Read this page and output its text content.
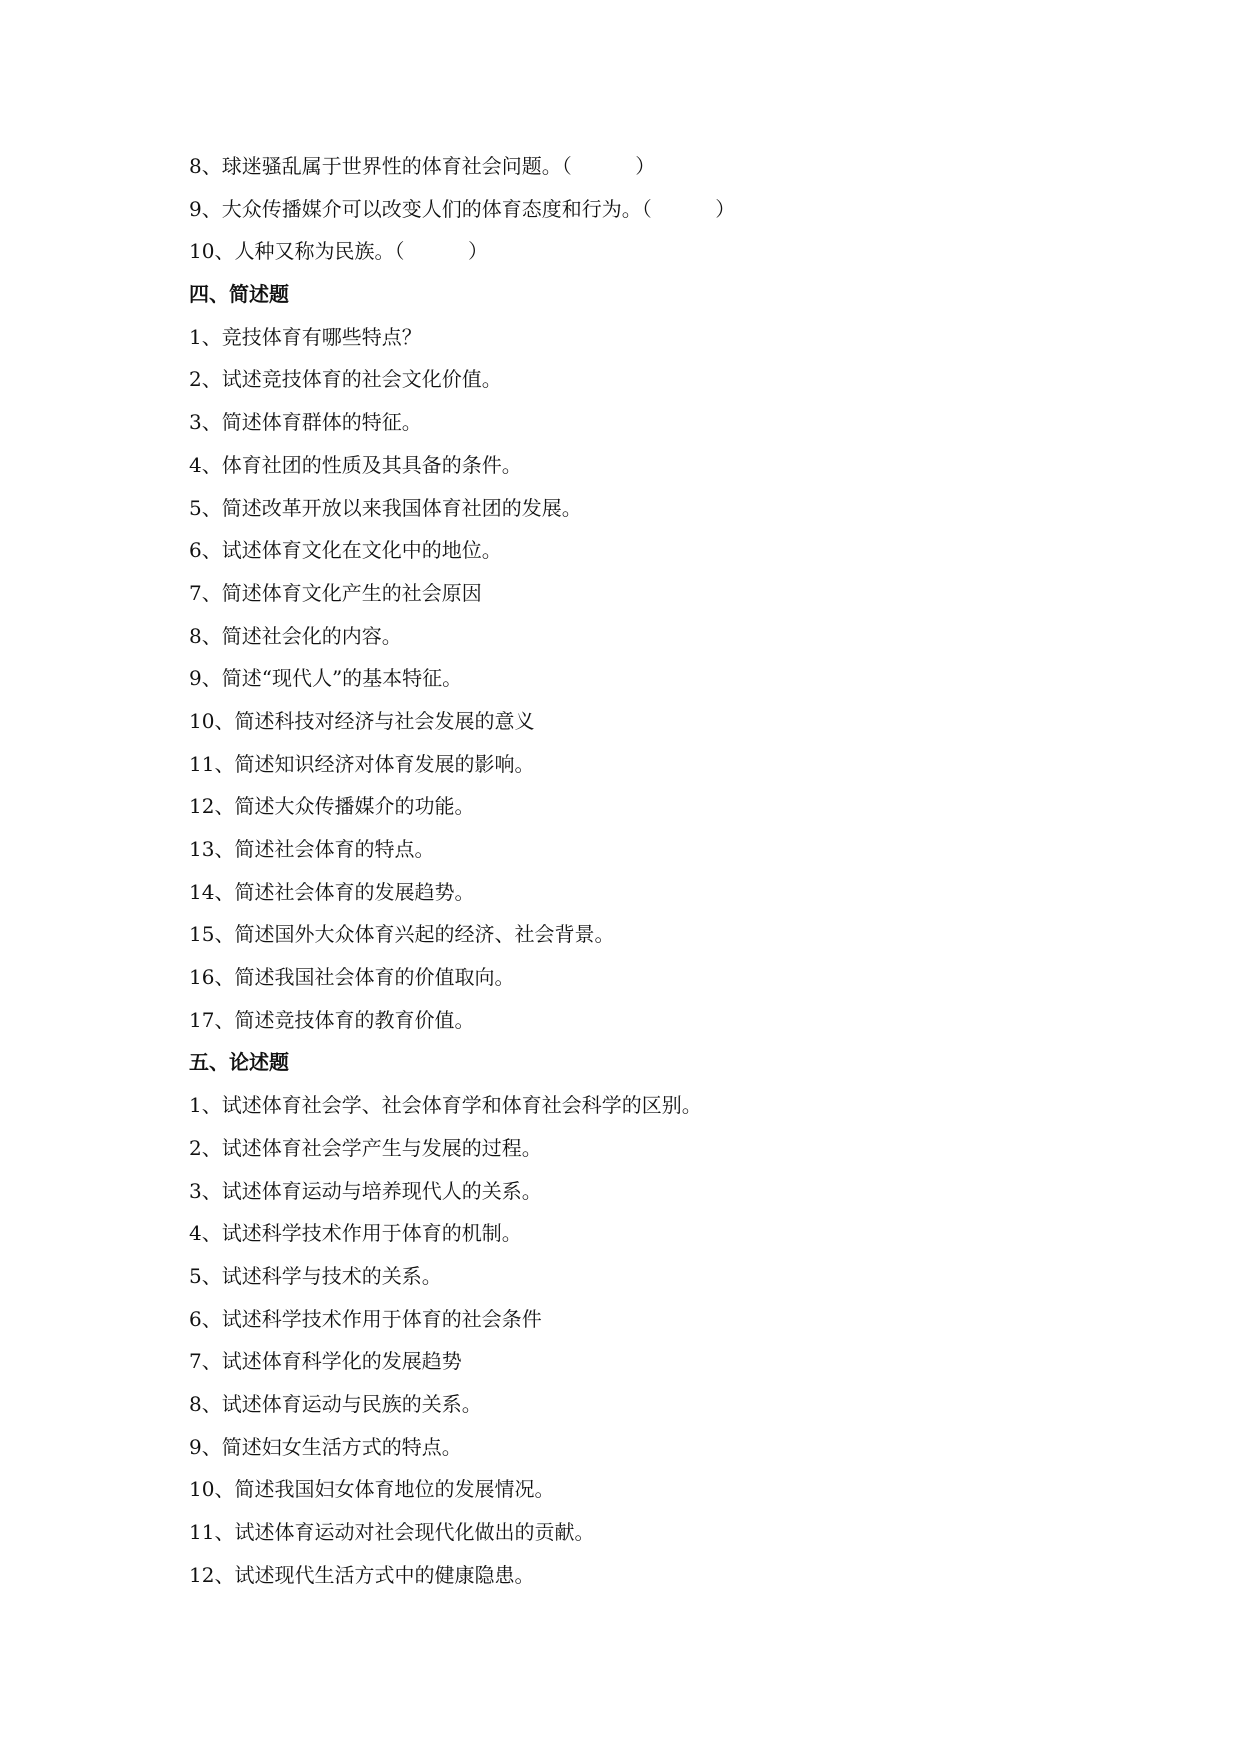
8、球迷骚乱属于世界性的体育社会问题。（          ）

9、大众传播媒介可以改变人们的体育态度和行为。（          ）

10、人种又称为民族。（          ）

四、简述题

1、竞技体育有哪些特点？

2、试述竞技体育的社会文化价值。

3、简述体育群体的特征。

4、体育社团的性质及其具备的条件。

5、简述改革开放以来我国体育社团的发展。

6、试述体育文化在文化中的地位。

7、简述体育文化产生的社会原因

8、简述社会化的内容。

9、简述“现代人”的基本特征。

10、简述科技对经济与社会发展的意义

11、简述知识经济对体育发展的影响。

12、简述大众传播媒介的功能。

13、简述社会体育的特点。

14、简述社会体育的发展趋势。

15、简述国外大众体育兴起的经济、社会背景。

16、简述我国社会体育的价值取向。

17、简述竞技体育的教育价值。

五、论述题

1、试述体育社会学、社会体育学和体育社会科学的区别。

2、试述体育社会学产生与发展的过程。

3、试述体育运动与培养现代人的关系。

4、试述科学技术作用于体育的机制。

5、试述科学与技术的关系。

6、试述科学技术作用于体育的社会条件

7、试述体育科学化的发展趋势

8、试述体育运动与民族的关系。

9、简述妇女生活方式的特点。

10、简述我国妇女体育地位的发展情况。

11、试述体育运动对社会现代化做出的贡献。

12、试述现代生活方式中的健康隐患。
